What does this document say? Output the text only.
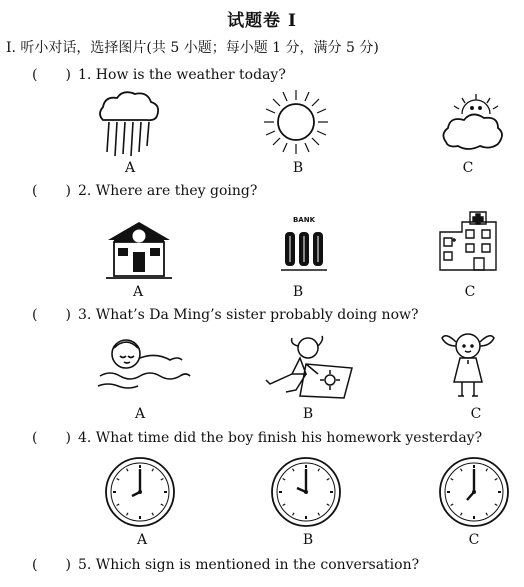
试题卷 I
I. 听小对话，选择图片(共 5 小题；每小题 1 分，满分 5 分)
(　　) 1. How is the weather today?
A	B	C
(　　) 2. Where are they going?
BANK
A	B	C
(　　) 3. What’s Da Ming’s sister probably doing now?
A	B	C
(　　) 4. What time did the boy finish his homework yesterday?
A	B	C
(　　) 5. Which sign is mentioned in the conversation?
